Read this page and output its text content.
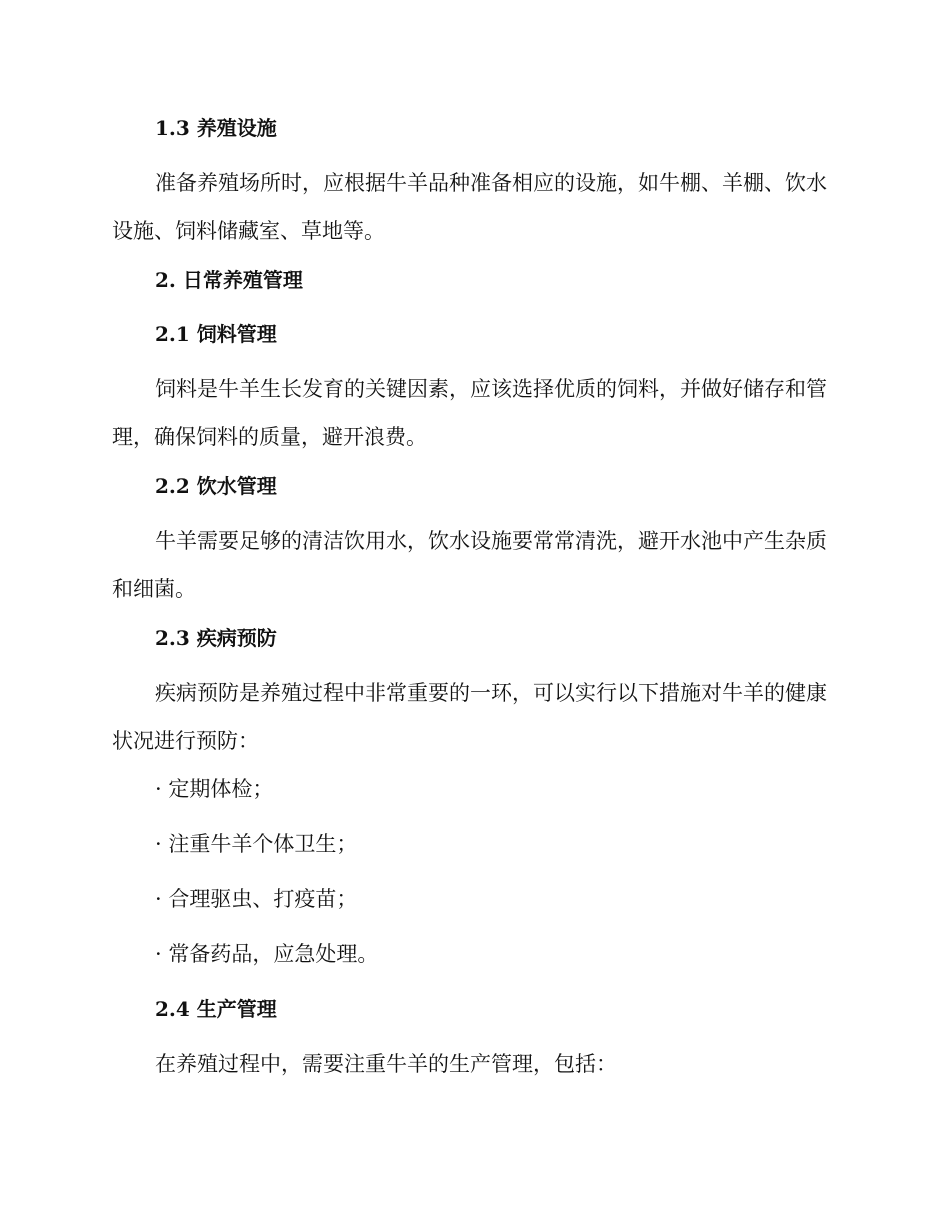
1.3 养殖设施

准备养殖场所时，应根据牛羊品种准备相应的设施，如牛棚、羊棚、饮水设施、饲料储藏室、草地等。

2. 日常养殖管理
2.1 饲料管理

饲料是牛羊生长发育的关键因素，应该选择优质的饲料，并做好储存和管理，确保饲料的质量，避开浪费。

2.2 饮水管理

牛羊需要足够的清洁饮用水，饮水设施要常常清洗，避开水池中产生杂质和细菌。

2.3 疾病预防

疾病预防是养殖过程中非常重要的一环，可以实行以下措施对牛羊的健康状况进行预防：

· 定期体检；
· 注重牛羊个体卫生；
· 合理驱虫、打疫苗；
· 常备药品，应急处理。
2.4 生产管理

在养殖过程中，需要注重牛羊的生产管理，包括：
